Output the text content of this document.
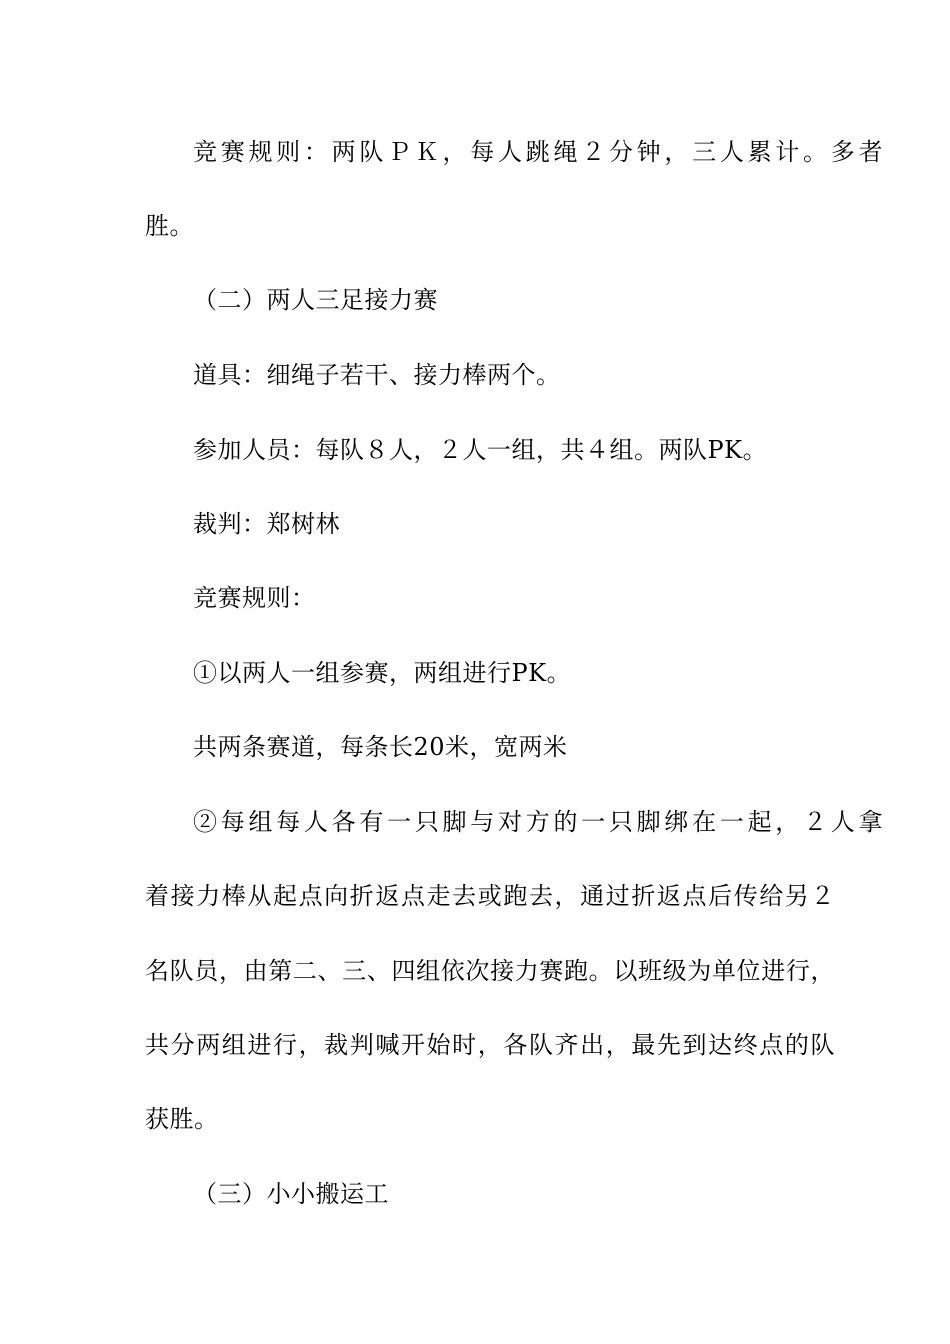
竞赛规则：两队ＰＫ，每人跳绳２分钟，三人累计。多者
胜。
（二）两人三足接力赛
道具：细绳子若干、接力棒两个。
参加人员：每队８人，２人一组，共４组。两队PK。
裁判：郑树林
竞赛规则：
①以两人一组参赛，两组进行PK。
共两条赛道，每条长20米，宽两米
②每组每人各有一只脚与对方的一只脚绑在一起，２人拿
着接力棒从起点向折返点走去或跑去，通过折返点后传给另２
名队员，由第二、三、四组依次接力赛跑。以班级为单位进行，
共分两组进行，裁判喊开始时，各队齐出，最先到达终点的队
获胜。
（三）小小搬运工
